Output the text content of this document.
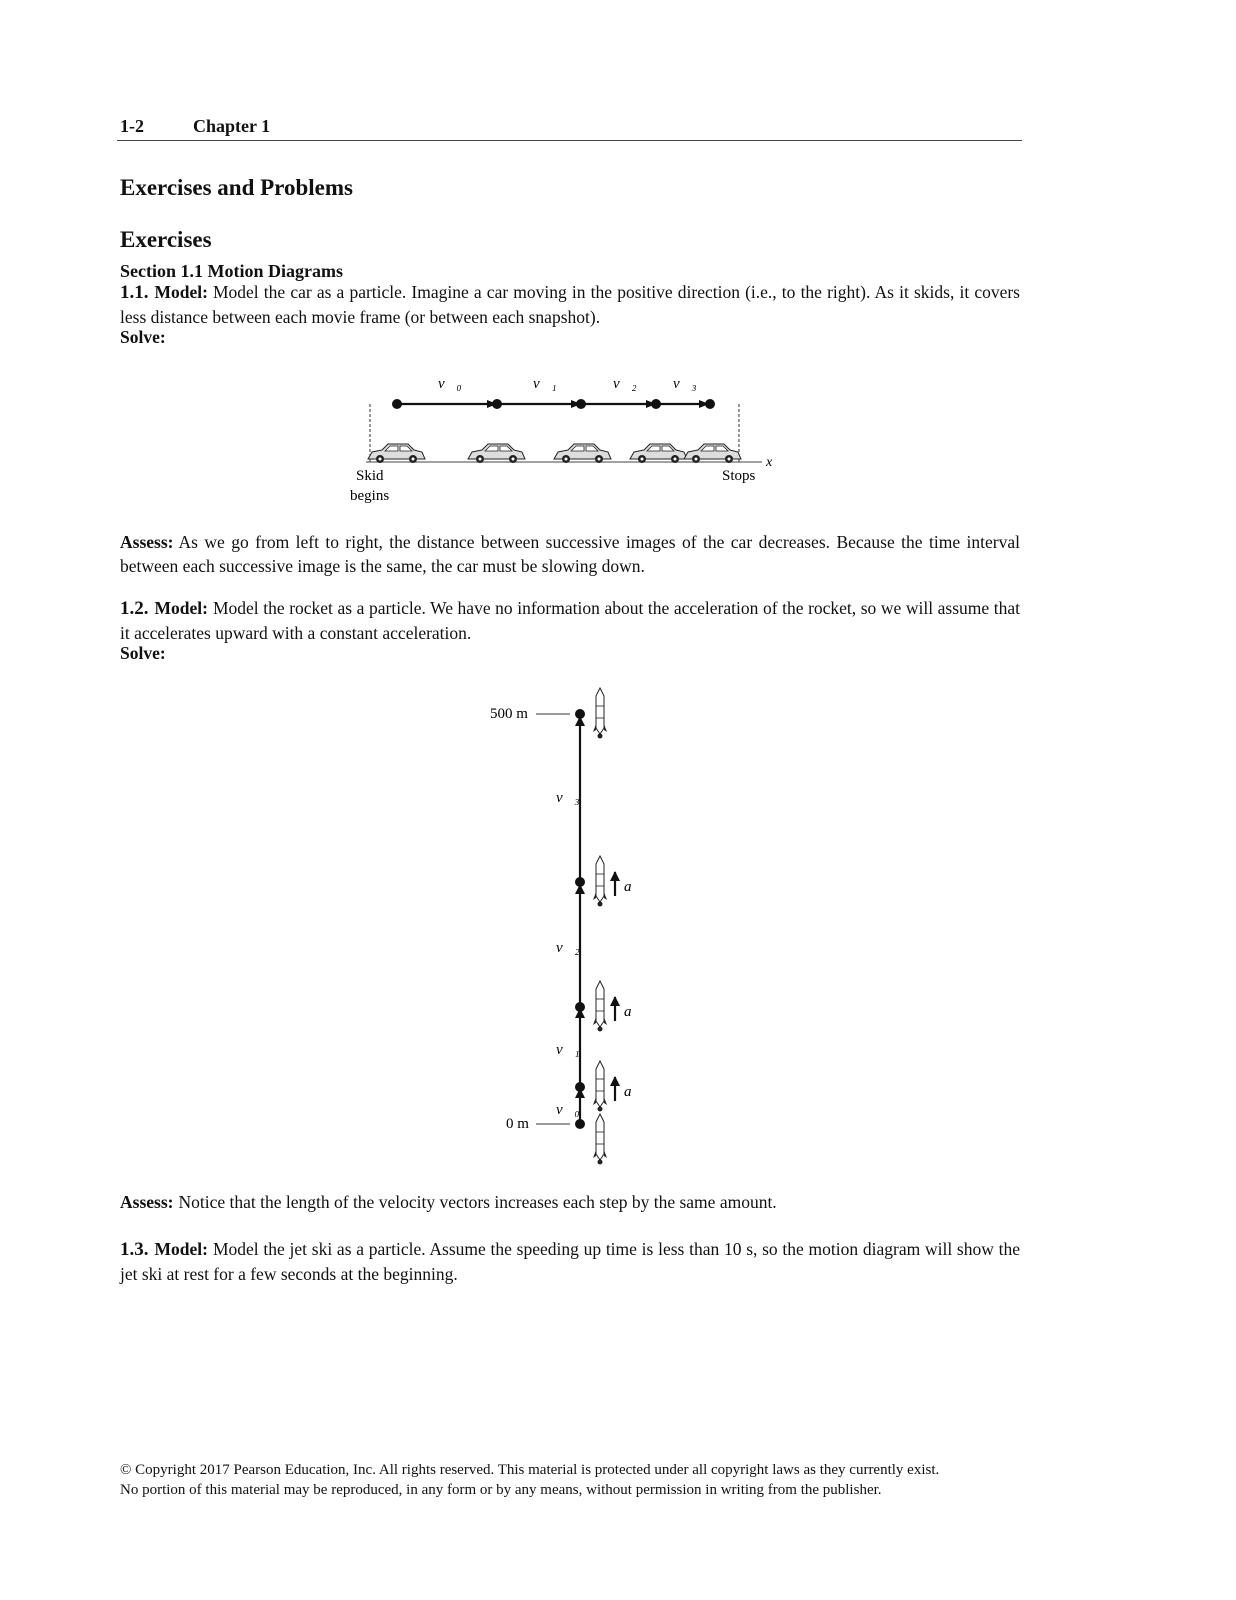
1-2	Chapter 1
Exercises and Problems
Exercises
Section 1.1 Motion Diagrams
1.1. Model: Model the car as a particle. Imagine a car moving in the positive direction (i.e., to the right). As it skids, it covers less distance between each movie frame (or between each snapshot).
Solve:
v⃗₀	v⃗₁	v⃗₂ v⃗₃
x
Skid
begins
Stops
Assess: As we go from left to right, the distance between successive images of the car decreases. Because the time interval between each successive image is the same, the car must be slowing down.
1.2. Model: Model the rocket as a particle. We have no information about the acceleration of the rocket, so we will assume that it accelerates upward with a constant acceleration.
Solve:
500 m
0 m
v⃗₀
v⃗₁
v⃗₂
v⃗₃
a⃗
a⃗
a⃗
Assess: Notice that the length of the velocity vectors increases each step by the same amount.
1.3. Model: Model the jet ski as a particle. Assume the speeding up time is less than 10 s, so the motion diagram will show the jet ski at rest for a few seconds at the beginning.
© Copyright 2017 Pearson Education, Inc. All rights reserved. This material is protected under all copyright laws as they currently exist.
No portion of this material may be reproduced, in any form or by any means, without permission in writing from the publisher.
